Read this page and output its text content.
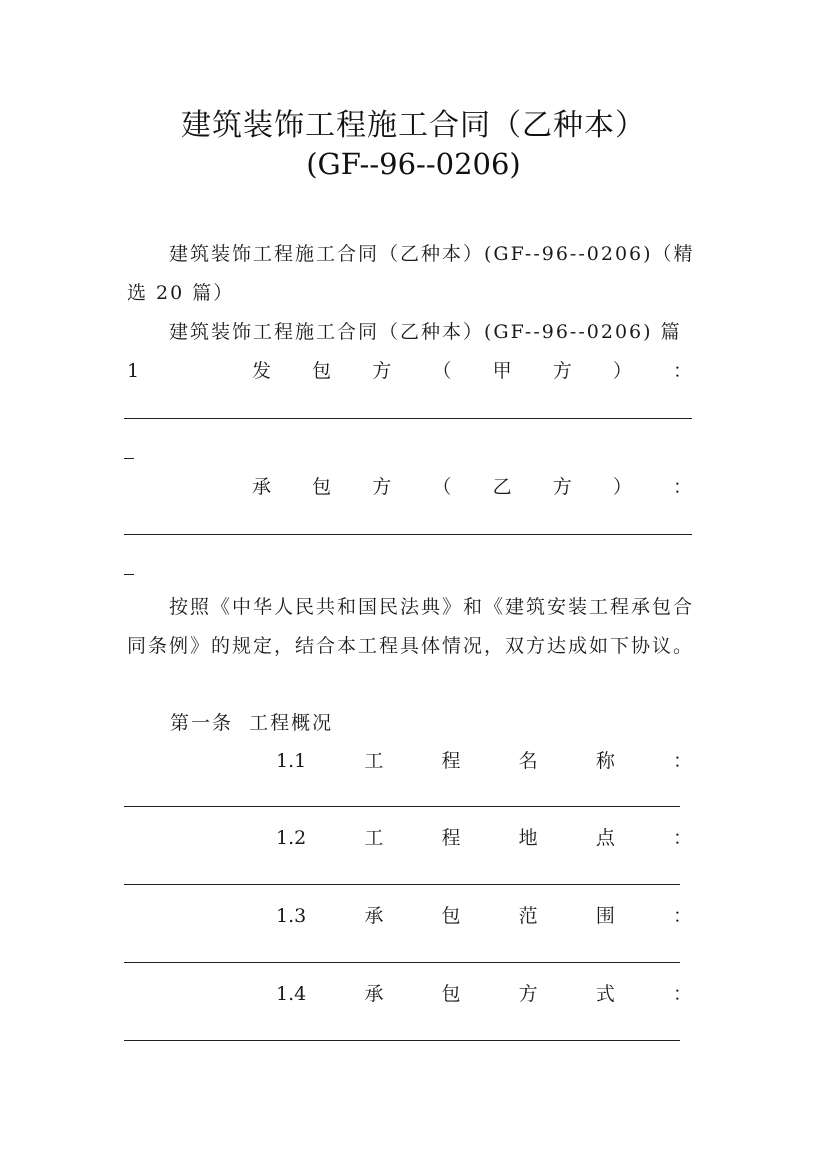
建筑装饰工程施工合同（乙种本）
(GF--96--0206)

建筑装饰工程施工合同（乙种本）(GF--96--0206)（精选 20 篇）

建筑装饰工程施工合同（乙种本）(GF--96--0206) 篇 1	发 包 方 （ 甲 方 ） ：
承 包 方 （ 乙 方 ） ：

按照《中华人民共和国民法典》和《建筑安装工程承包合同条例》的规定，结合本工程具体情况，双方达成如下协议。

第一条  工程概况
1.1	工	程	名	称	：
1.2	工	程	地	点	：
1.3	承	包	范	围	：
1.4	承	包	方	式	：
